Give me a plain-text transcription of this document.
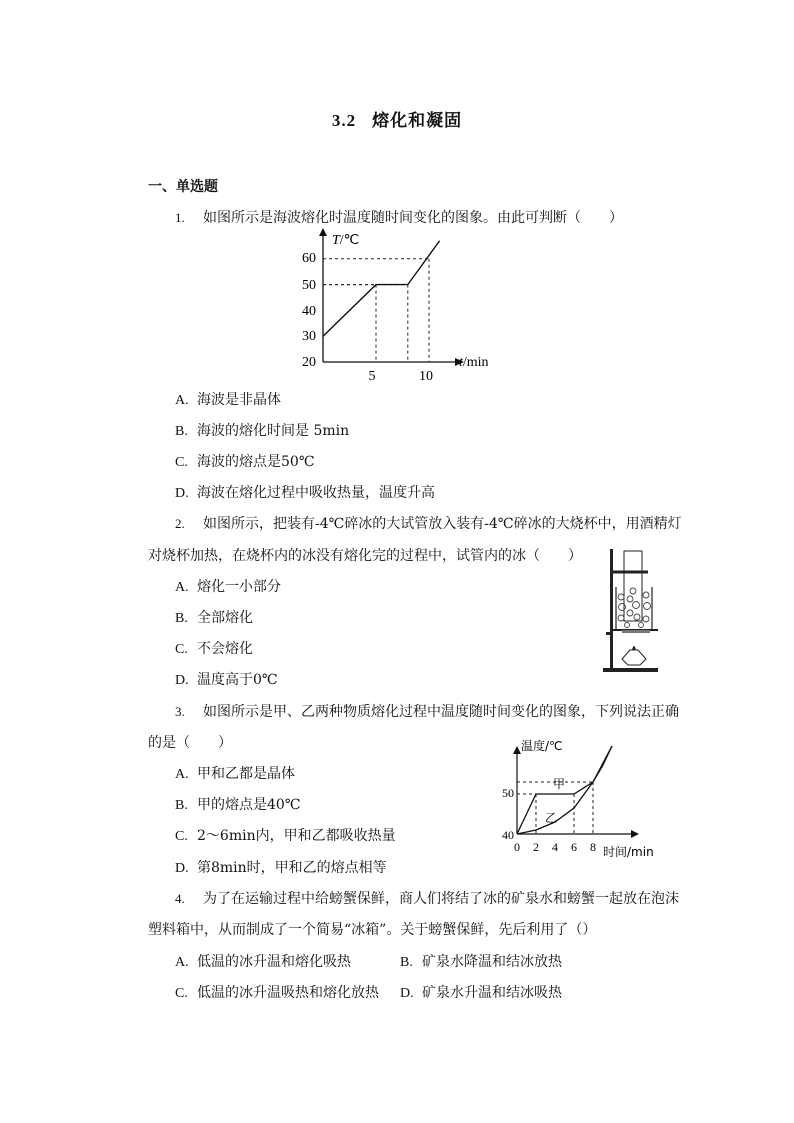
3.2 熔化和凝固
一、单选题
1. 如图所示是海波熔化时温度随时间变化的图象。由此可判断（　　）
T/℃
t/min
60
50
40
30
20
5	10
A. 海波是非晶体
B. 海波的熔化时间是 5min
C. 海波的熔点是50℃
D. 海波在熔化过程中吸收热量，温度升高
2. 如图所示，把装有-4℃碎冰的大试管放入装有-4℃碎冰的大烧杯中，用酒精灯
对烧杯加热，在烧杯内的冰没有熔化完的过程中，试管内的冰（　　）
A. 熔化一小部分
B. 全部熔化
C. 不会熔化
D. 温度高于0℃
3. 如图所示是甲、乙两种物质熔化过程中温度随时间变化的图象，下列说法正确
的是（　　）	温度/℃
时间/min
50
40
0 2 4 6 8
甲
乙
A. 甲和乙都是晶体
B. 甲的熔点是40℃
C. 2～6min内，甲和乙都吸收热量
D. 第8min时，甲和乙的熔点相等
4. 为了在运输过程中给螃蟹保鲜，商人们将结了冰的矿泉水和螃蟹一起放在泡沫
塑料箱中，从而制成了一个简易“冰箱”。关于螃蟹保鲜，先后利用了（）
A. 低温的冰升温和熔化吸热	B. 矿泉水降温和结冰放热
C. 低温的冰升温吸热和熔化放热 D. 矿泉水升温和结冰吸热
